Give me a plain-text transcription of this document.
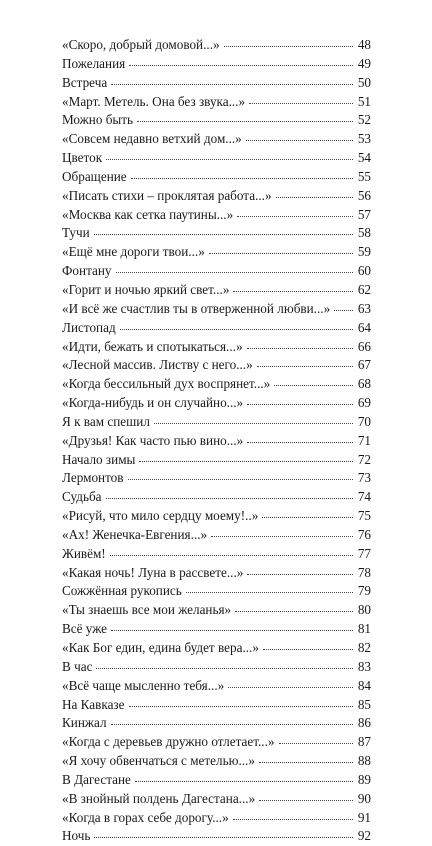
«Скоро, добрый домовой...»	48
Пожелания	49
Встреча	50
«Март. Метель. Она без звука...»	51
Можно быть	52
«Совсем недавно ветхий дом...»	53
Цветок	54
Обращение	55
«Писать стихи – проклятая работа...»	56
«Москва как сетка паутины...»	57
Тучи	58
«Ещё мне дороги твои...»	59
Фонтану	60
«Горит и ночью яркий свет...»	62
«И всё же счастлив ты в отверженной любви...» 63
Листопад	64
«Идти, бежать и спотыкаться...»	66
«Лесной массив. Листву с него...»	67
«Когда бессильный дух воспрянет...»	68
«Когда-нибудь и он случайно...»	69
Я к вам спешил	70
«Друзья! Как часто пью вино...»	71
Начало зимы	72
Лермонтов	73
Судьба	74
«Рисуй, что мило сердцу моему!..»	75
«Ах! Женечка-Евгения...»	76
Живём!	77
«Какая ночь! Луна в рассвете...»	78
Сожжённая рукопись	79
«Ты знаешь все мои желанья»	80
Всё уже	81
«Как Бог един, едина будет вера...»	82
В час	83
«Всё чаще мысленно тебя...»	84
На Кавказе	85
Кинжал	86
«Когда с деревьев дружно отлетает...»	87
«Я хочу обвенчаться с метелью...»	88
В Дагестане	89
«В знойный полдень Дагестана...»	90
«Когда в горах себе дорогу...»	91
Ночь	92
